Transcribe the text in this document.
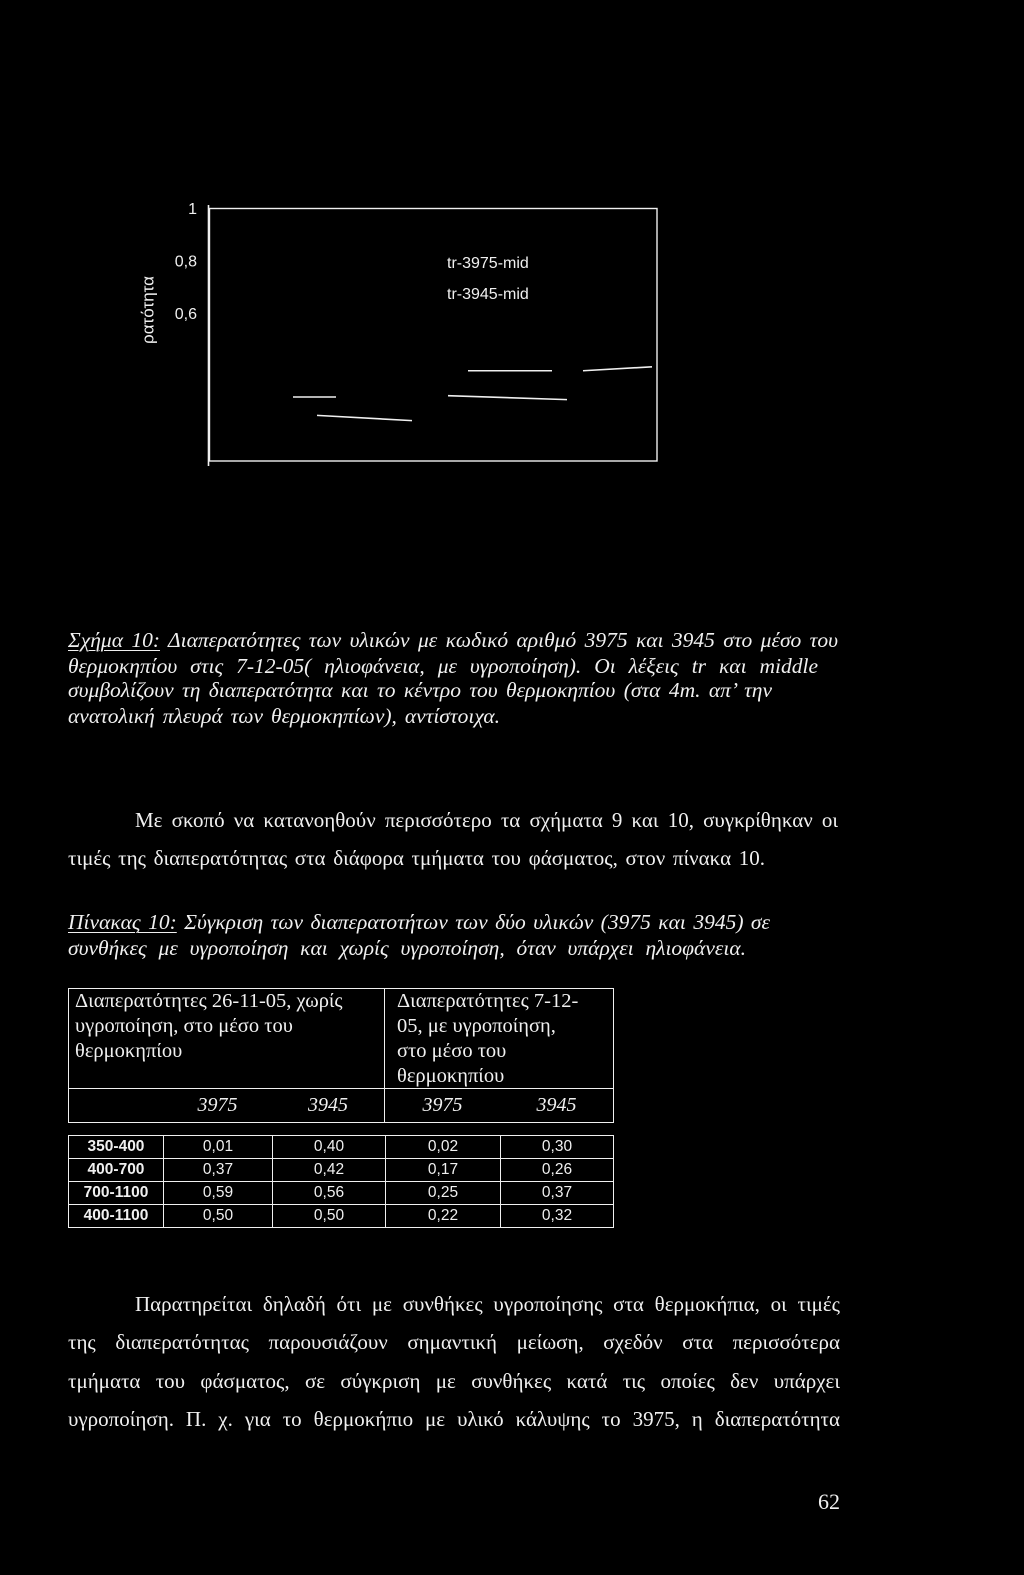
ρατότητα
tr-3975-mid
tr-3945-mid
1
0,8
0,6
Σχήμα 10: Διαπερατότητες των υλικών με κωδικό αριθμό 3975 και 3945 στο μέσο του
θερμοκηπίου στις 7-12-05( ηλιοφάνεια, με υγροποίηση). Οι λέξεις tr και middle
συμβολίζουν τη διαπερατότητα και το κέντρο του θερμοκηπίου (στα 4m. απ’ την
ανατολική πλευρά των θερμοκηπίων), αντίστοιχα.
Με σκοπό να κατανοηθούν περισσότερο τα σχήματα 9 και 10, συγκρίθηκαν οι
τιμές της διαπερατότητας στα διάφορα τμήματα του φάσματος, στον πίνακα 10.
Πίνακας 10: Σύγκριση των διαπερατοτήτων των δύο υλικών (3975 και 3945) σε
συνθήκες με υγροποίηση και χωρίς υγροποίηση, όταν υπάρχει ηλιοφάνεια.
Διαπερατότητες 26-11-05, χωρίς
υγροποίηση, στο μέσο του
θερμοκηπίου
Διαπερατότητες 7-12-
05, με υγροποίηση,
στο μέσο του
θερμοκηπίου
3975	3945	3975	3945
350-400	0,01	0,40	0,02	0,30
400-700	0,37	0,42	0,17	0,26
700-1100	0,59	0,56	0,25	0,37
400-1100	0,50	0,50	0,22	0,32
Παρατηρείται δηλαδή ότι με συνθήκες υγροποίησης στα θερμοκήπια, οι τιμές
της διαπερατότητας παρουσιάζουν σημαντική μείωση, σχεδόν στα περισσότερα
τμήματα του φάσματος, σε σύγκριση με συνθήκες κατά τις οποίες δεν υπάρχει
υγροποίηση. Π. χ. για το θερμοκήπιο με υλικό κάλυψης το 3975, η διαπερατότητα
62
